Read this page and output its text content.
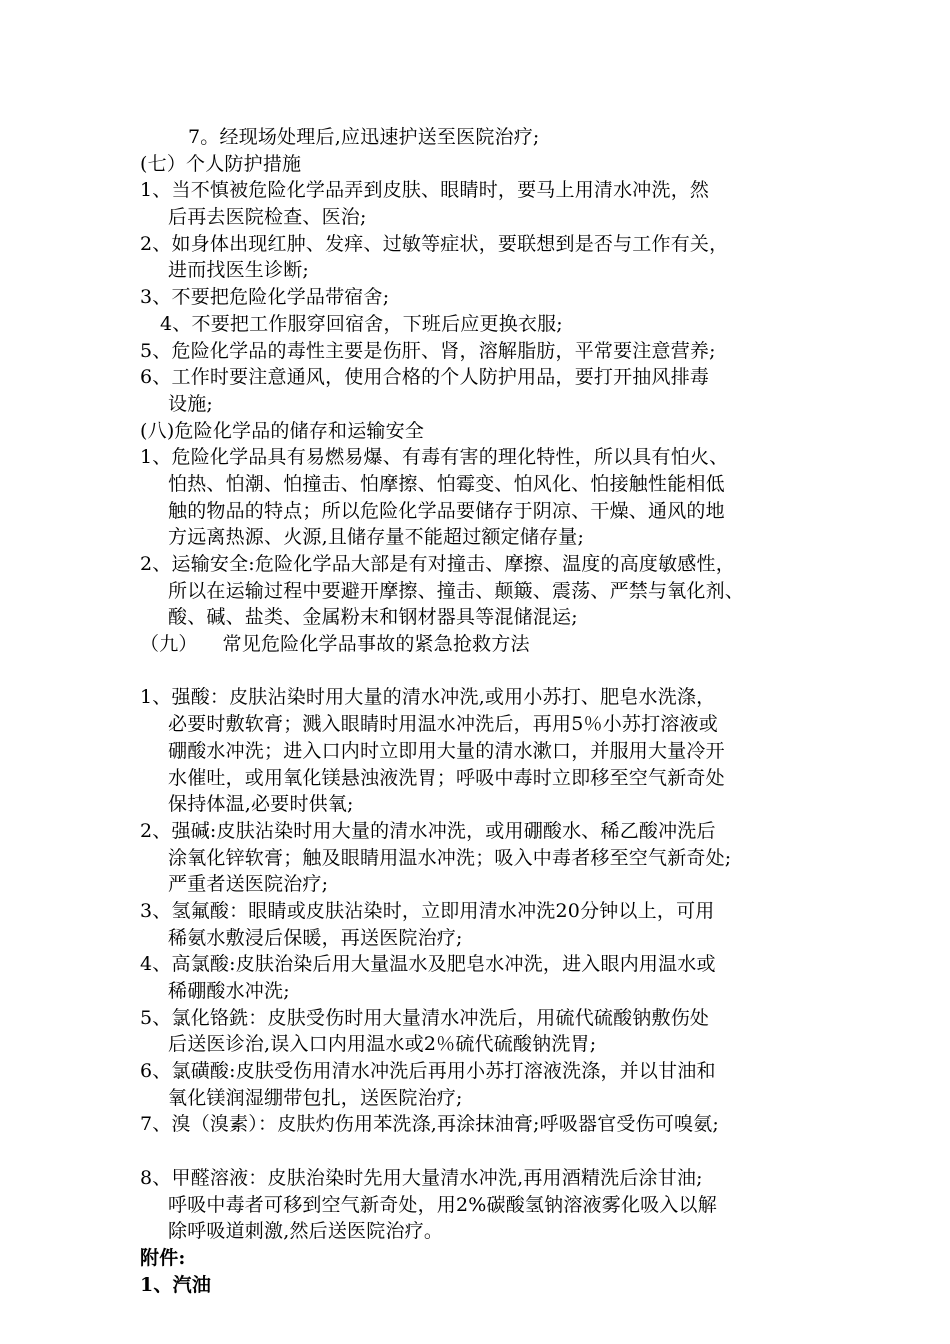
7。经现场处理后,应迅速护送至医院治疗;
(七）个人防护措施
1、当不慎被危险化学品弄到皮肤、眼睛时，要马上用清水冲洗，然
后再去医院检查、医治;
2、如身体出现红肿、发痒、过敏等症状，要联想到是否与工作有关，
进而找医生诊断;
3、不要把危险化学品带宿舍;
4、不要把工作服穿回宿舍，下班后应更换衣服;
5、危险化学品的毒性主要是伤肝、肾，溶解脂肪，平常要注意营养;
6、工作时要注意通风，使用合格的个人防护用品，要打开抽风排毒
设施;
(八)危险化学品的储存和运输安全
1、危险化学品具有易燃易爆、有毒有害的理化特性，所以具有怕火、
怕热、怕潮、怕撞击、怕摩擦、怕霉变、怕风化、怕接触性能相低
触的物品的特点；所以危险化学品要储存于阴凉、干燥、通风的地
方远离热源、火源,且储存量不能超过额定储存量;
2、运输安全:危险化学品大部是有对撞击、摩擦、温度的高度敏感性，
所以在运输过程中要避开摩擦、撞击、颠簸、震荡、严禁与氧化剂、
酸、碱、盐类、金属粉末和钢材器具等混储混运;
（九）    常见危险化学品事故的紧急抢救方法
1、强酸：皮肤沾染时用大量的清水冲洗,或用小苏打、肥皂水洗涤，
必要时敷软膏；溅入眼睛时用温水冲洗后，再用5％小苏打溶液或
硼酸水冲洗；进入口内时立即用大量的清水漱口，并服用大量冷开
水催吐，或用氧化镁悬浊液洗胃；呼吸中毒时立即移至空气新奇处
保持体温,必要时供氧;
2、强碱:皮肤沾染时用大量的清水冲洗，或用硼酸水、稀乙酸冲洗后
涂氧化锌软膏；触及眼睛用温水冲洗；吸入中毒者移至空气新奇处;
严重者送医院治疗;
3、氢氟酸：眼睛或皮肤沾染时，立即用清水冲洗20分钟以上，可用
稀氨水敷浸后保暖，再送医院治疗;
4、高氯酸:皮肤治染后用大量温水及肥皂水冲洗，进入眼内用温水或
稀硼酸水冲洗;
5、氯化铬銑：皮肤受伤时用大量清水冲洗后，用硫代硫酸钠敷伤处
后送医诊治,误入口内用温水或2％硫代硫酸钠洗胃;
6、氯磺酸:皮肤受伤用清水冲洗后再用小苏打溶液洗涤，并以甘油和
氧化镁润湿绷带包扎，送医院治疗;
7、溴（溴素）：皮肤灼伤用苯洗涤,再涂抹油膏;呼吸器官受伤可嗅氨;
8、甲醛溶液：皮肤治染时先用大量清水冲洗,再用酒精洗后涂甘油;
呼吸中毒者可移到空气新奇处，用2%碳酸氢钠溶液雾化吸入以解
除呼吸道刺激,然后送医院治疗。
附件:
1、汽油
